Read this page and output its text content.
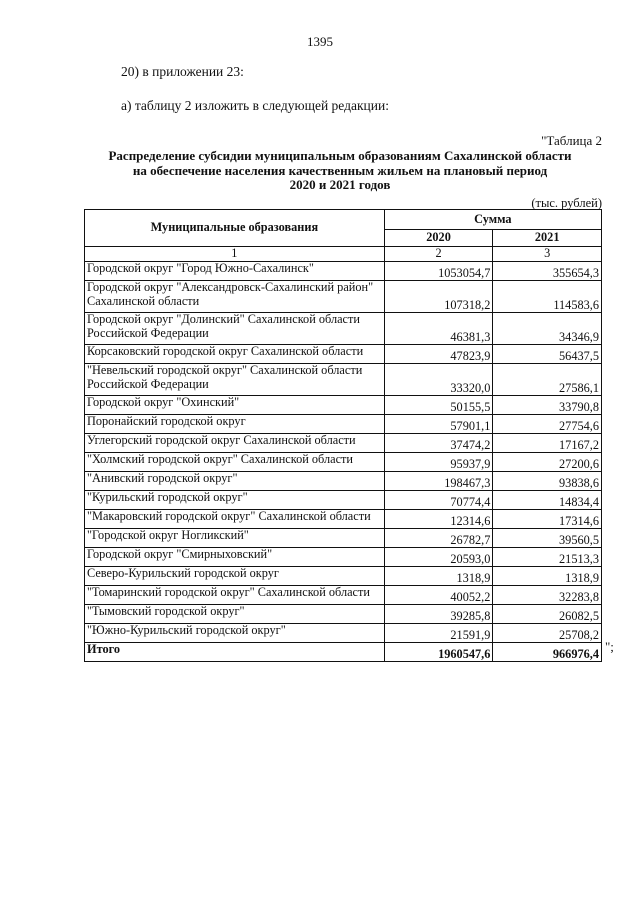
1395
20) в приложении 23:
а) таблицу 2 изложить в следующей редакции:
"Таблица 2
Распределение субсидии муниципальным образованиям Сахалинской области
на обеспечение населения качественным жильем на плановый период
2020 и 2021 годов
(тыс. рублей)
Муниципальные образования	Сумма	
	2020	2021
1	2	3
Городской округ "Город Южно-Сахалинск"	1053054,7	355654,3
Городской округ "Александровск-Сахалинский район" Сахалинской области	107318,2	114583,6
Городской округ "Долинский" Сахалинской области Российской Федерации	46381,3	34346,9
Корсаковский городской округ Сахалинской области	47823,9	56437,5
"Невельский городской округ" Сахалинской области Российской Федерации	33320,0	27586,1
Городской округ "Охинский"	50155,5	33790,8
Поронайский городской округ	57901,1	27754,6
Углегорский городской округ Сахалинской области	37474,2	17167,2
"Холмский городской округ" Сахалинской области	95937,9	27200,6
"Анивский городской округ"	198467,3	93838,6
"Курильский городской округ"	70774,4	14834,4
"Макаровский городской округ" Сахалинской области	12314,6	17314,6
"Городской округ Ногликский"	26782,7	39560,5
Городской округ "Смирныховский"	20593,0	21513,3
Северо-Курильский городской округ	1318,9	1318,9
"Томаринский городской округ" Сахалинской области	40052,2	32283,8
"Тымовский городской округ"	39285,8	26082,5
"Южно-Курильский городской округ"	21591,9	25708,2
Итого	1960547,6	966976,4 ";
